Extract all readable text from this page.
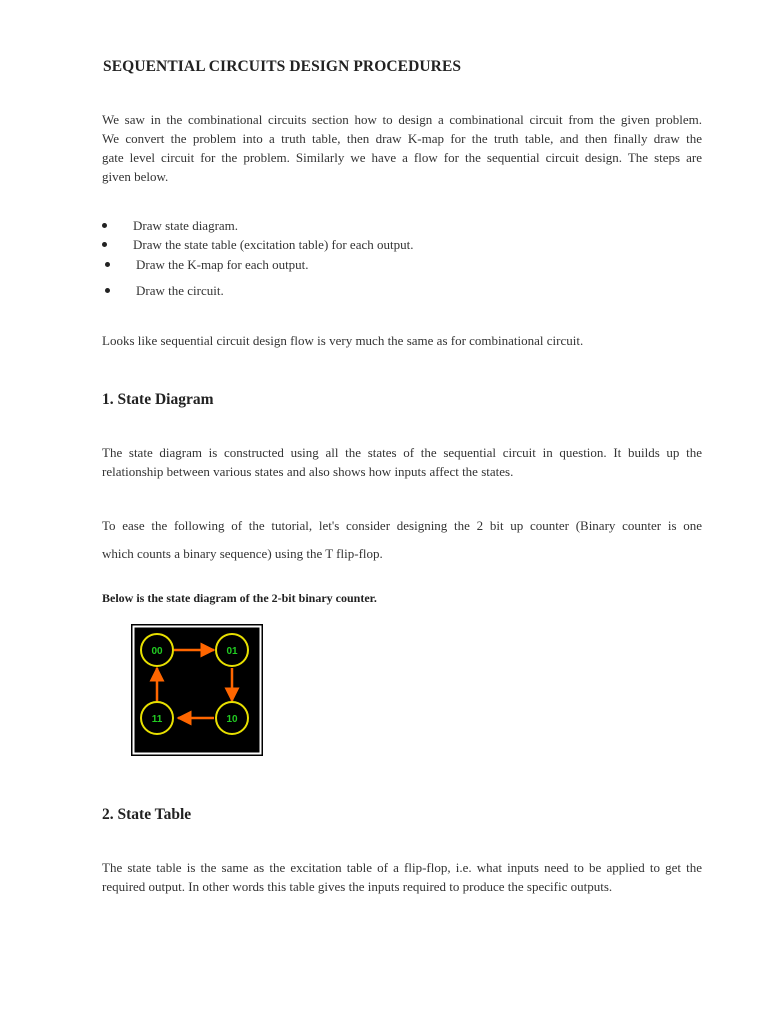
SEQUENTIAL CIRCUITS DESIGN PROCEDURES

We saw in the combinational circuits section how to design a combinational circuit from the given problem.
We convert the problem into a truth table, then draw K-map for the truth table, and then finally draw the
gate level circuit for the problem. Similarly we have a flow for the sequential circuit design. The steps are
given below.

Draw state diagram.
Draw the state table (excitation table) for each output.
Draw the K-map for each output.
Draw the circuit.

Looks like sequential circuit design flow is very much the same as for combinational circuit.

1. State Diagram

The state diagram is constructed using all the states of the sequential circuit in question. It builds up the
relationship between various states and also shows how inputs affect the states.

To ease the following of the tutorial, let's consider designing the 2 bit up counter (Binary counter is one
which counts a binary sequence) using the T flip-flop.

Below is the state diagram of the 2-bit binary counter.

00	01
10
11
2. State Table

The state table is the same as the excitation table of a flip-flop, i.e. what inputs need to be applied to get the
required output. In other words this table gives the inputs required to produce the specific outputs.
